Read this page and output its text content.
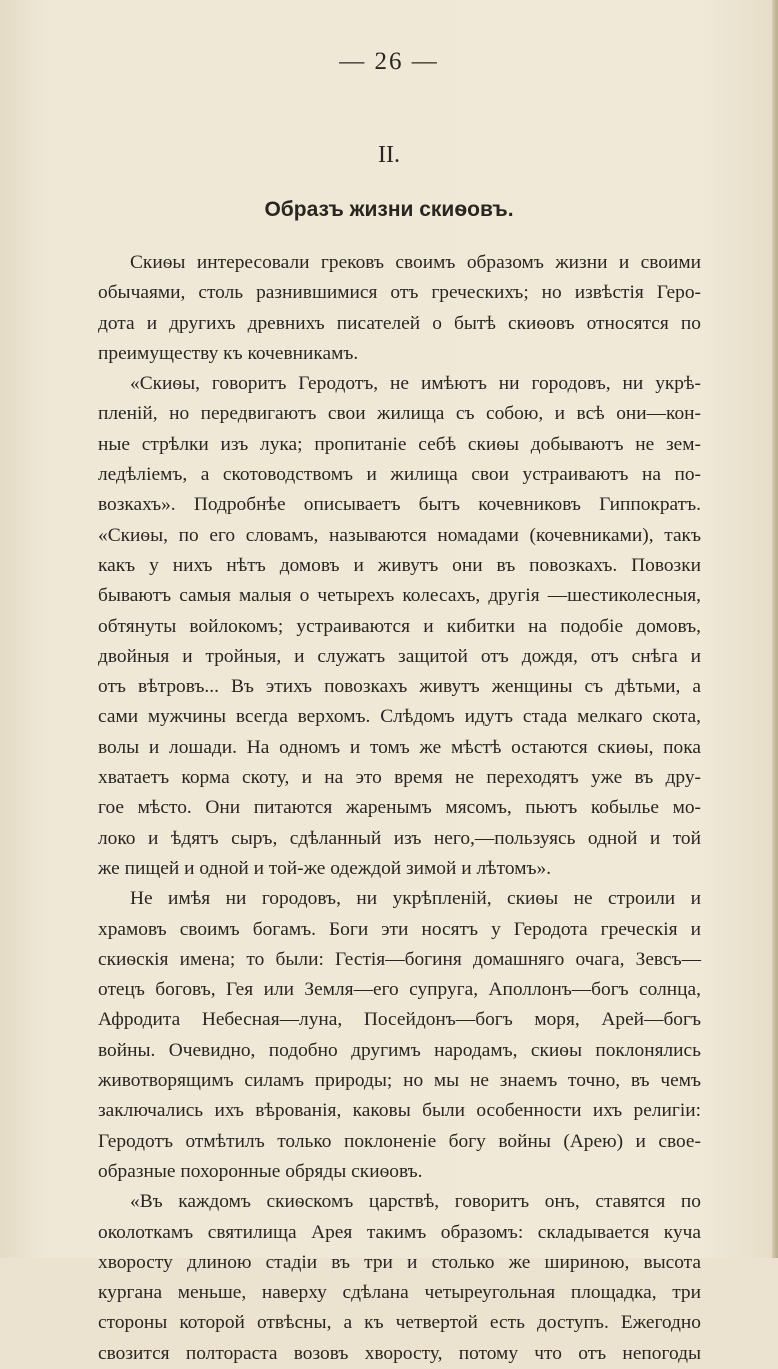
— 26 —
II.
Образъ жизни скиѳовъ.
Скиѳы интересовали грековъ своимъ образомъ жизни и своими
обычаями, столь разнившимися отъ греческихъ; но извѣстія Геро-
дота и другихъ древнихъ писателей о бытѣ скиѳовъ относятся по
преимуществу къ кочевникамъ.
«Скиѳы, говоритъ Геродотъ, не имѣютъ ни городовъ, ни укрѣ-
пленій, но передвигаютъ свои жилища съ собою, и всѣ они—кон-
ные стрѣлки изъ лука; пропитаніе себѣ скиѳы добываютъ не зем-
ледѣліемъ, а скотоводствомъ и жилища свои устраиваютъ на по-
возкахъ». Подробнѣе описываетъ бытъ кочевниковъ Гиппократъ.
«Скиѳы, по его словамъ, называются номадами (кочевниками), такъ
какъ у нихъ нѣтъ домовъ и живутъ они въ повозкахъ. Повозки
бываютъ самыя малыя о четырехъ колесахъ, другія —шестиколесныя,
обтянуты войлокомъ; устраиваются и кибитки на подобіе домовъ,
двойныя и тройныя, и служатъ защитой отъ дождя, отъ снѣга и
отъ вѣтровъ... Въ этихъ повозкахъ живутъ женщины съ дѣтьми, а
сами мужчины всегда верхомъ. Слѣдомъ идутъ стада мелкаго скота,
волы и лошади. На одномъ и томъ же мѣстѣ остаются скиѳы, пока
хватаетъ корма скоту, и на это время не переходятъ уже въ дру-
гое мѣсто. Они питаются жаренымъ мясомъ, пьютъ кобылье мо-
локо и ѣдятъ сыръ, сдѣланный изъ него,—пользуясь одной и той
же пищей и одной и той-же одеждой зимой и лѣтомъ».
Не имѣя ни городовъ, ни укрѣпленій, скиѳы не строили и
храмовъ своимъ богамъ. Боги эти носятъ у Геродота греческія и
скиѳскія имена; то были: Гестія—богиня домашняго очага, Зевсъ—
отецъ боговъ, Гея или Земля—его супруга, Аполлонъ—богъ солнца,
Афродита Небесная—луна, Посейдонъ—богъ моря, Арей—богъ
войны. Очевидно, подобно другимъ народамъ, скиѳы поклонялись
животворящимъ силамъ природы; но мы не знаемъ точно, въ чемъ
заключались ихъ вѣрованія, каковы были особенности ихъ религіи:
Геродотъ отмѣтилъ только поклоненіе богу войны (Арею) и свое-
образные похоронные обряды скиѳовъ.
«Въ каждомъ скиѳскомъ царствѣ, говоритъ онъ, ставятся по
околоткамъ святилища Арея такимъ образомъ: складывается куча
хворосту длиною стадіи въ три и столько же шириною, высота
кургана меньше, наверху сдѣлана четыреугольная площадка, три
стороны которой отвѣсны, а къ четвертой есть доступъ. Ежегодно
свозится полтораста возовъ хворосту, потому что отъ непогоды
